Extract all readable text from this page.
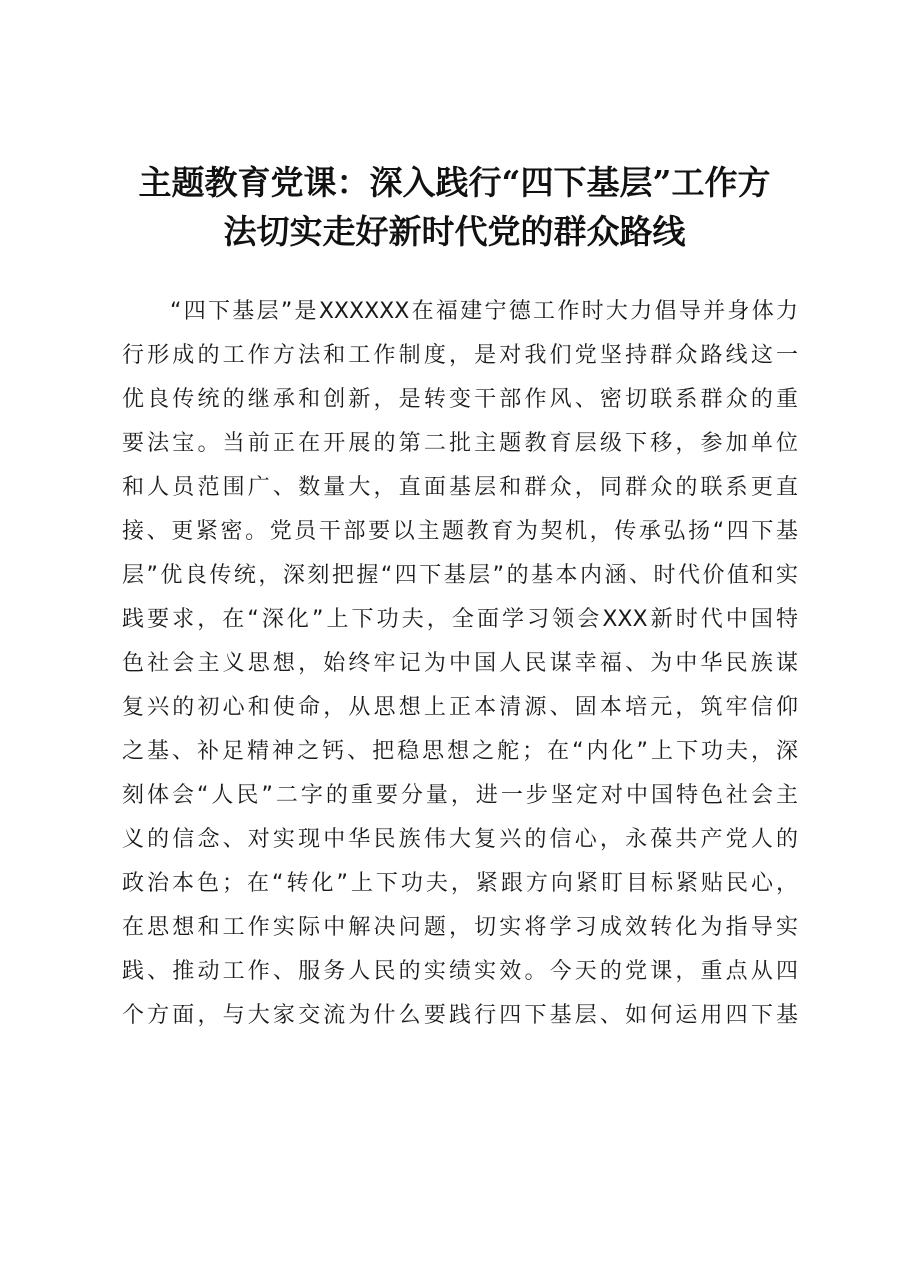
主题教育党课：深入践行“四下基层”工作方
法切实走好新时代党的群众路线
“四下基层”是XXXXXX在福建宁德工作时大力倡导并身体力
行形成的工作方法和工作制度，是对我们党坚持群众路线这一
优良传统的继承和创新，是转变干部作风、密切联系群众的重
要法宝。当前正在开展的第二批主题教育层级下移，参加单位
和人员范围广、数量大，直面基层和群众，同群众的联系更直
接、更紧密。党员干部要以主题教育为契机，传承弘扬“四下基
层”优良传统，深刻把握“四下基层”的基本内涵、时代价值和实
践要求，在“深化”上下功夫，全面学习领会XXX新时代中国特
色社会主义思想，始终牢记为中国人民谋幸福、为中华民族谋
复兴的初心和使命，从思想上正本清源、固本培元，筑牢信仰
之基、补足精神之钙、把稳思想之舵；在“内化”上下功夫，深
刻体会“人民”二字的重要分量，进一步坚定对中国特色社会主
义的信念、对实现中华民族伟大复兴的信心，永葆共产党人的
政治本色；在“转化”上下功夫，紧跟方向紧盯目标紧贴民心，
在思想和工作实际中解决问题，切实将学习成效转化为指导实
践、推动工作、服务人民的实绩实效。今天的党课，重点从四
个方面，与大家交流为什么要践行四下基层、如何运用四下基
